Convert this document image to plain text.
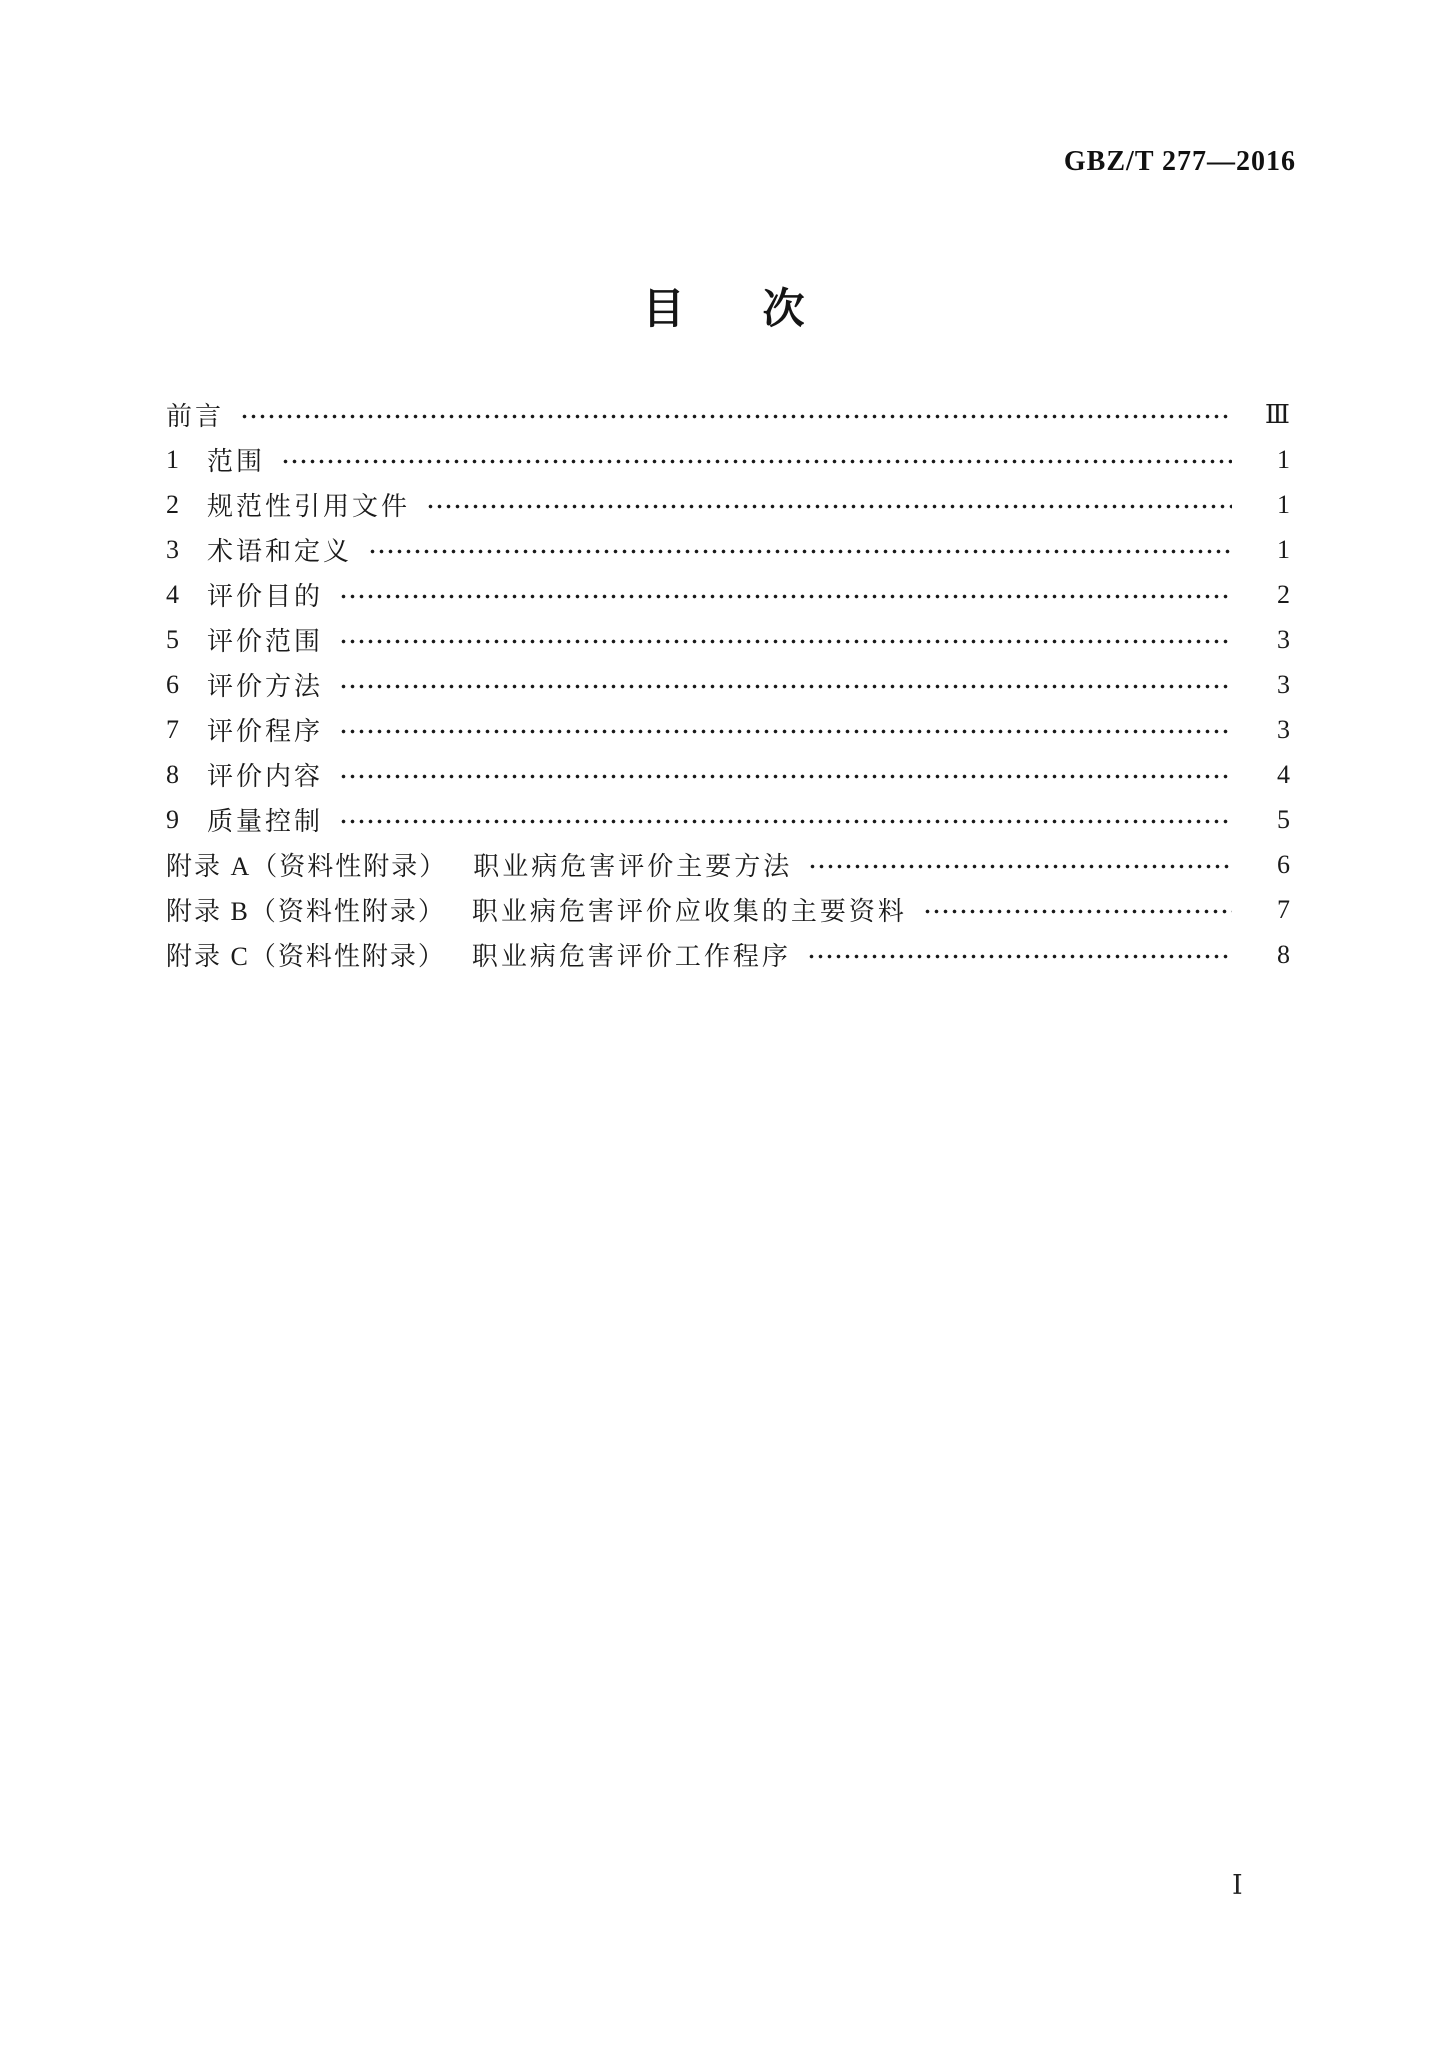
GBZ/T 277—2016
目 次
前言	Ⅲ
1 范围	1
2 规范性引用文件	1
3 术语和定义	1
4 评价目的	2
5 评价范围	3
6 评价方法	3
7 评价程序	3
8 评价内容	4
9 质量控制	5
附录 A（资料性附录） 职业病危害评价主要方法	6
附录 B（资料性附录） 职业病危害评价应收集的主要资料	7
附录 C（资料性附录） 职业病危害评价工作程序	8
Ⅰ
